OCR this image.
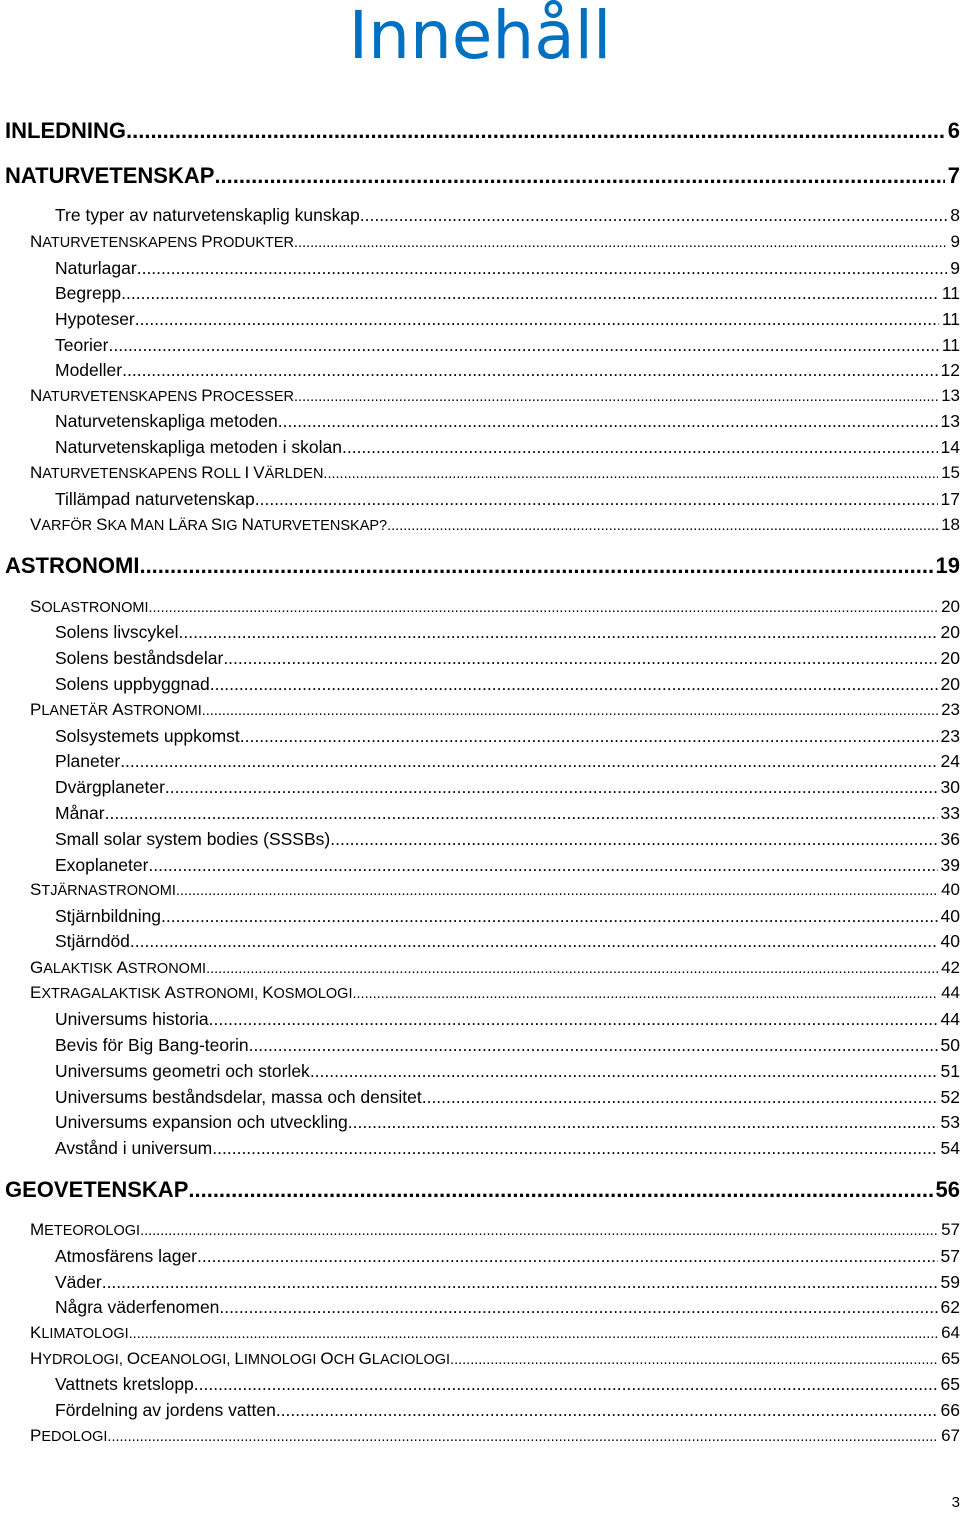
Innehåll
INLEDNING .....	6
NATURVETENSKAP .....	7
Tre typer av naturvetenskaplig kunskap .....	8
NATURVETENSKAPENS PRODUKTER .....	9
Naturlagar .....	9
Begrepp .....	11
Hypoteser .....	11
Teorier .....	11
Modeller .....	12
NATURVETENSKAPENS PROCESSER .....	13
Naturvetenskapliga metoden .....	13
Naturvetenskapliga metoden i skolan .....	14
NATURVETENSKAPENS ROLL I VÄRLDEN .....	15
Tillämpad naturvetenskap .....	17
VARFÖR SKA MAN LÄRA SIG NATURVETENSKAP? .....	18
ASTRONOMI .....	19
SOLASTRONOMI .....	20
Solens livscykel .....	20
Solens beståndsdelar .....	20
Solens uppbyggnad .....	20
PLANETÄR ASTRONOMI .....	23
Solsystemets uppkomst .....	23
Planeter .....	24
Dvärgplaneter .....	30
Månar .....	33
Small solar system bodies (SSSBs) .....	36
Exoplaneter .....	39
STJÄRNASTRONOMI .....	40
Stjärnbildning .....	40
Stjärndöd .....	40
GALAKTISK ASTRONOMI .....	42
EXTRAGALAKTISK ASTRONOMI, KOSMOLOGI .....	44
Universums historia .....	44
Bevis för Big Bang-teorin .....	50
Universums geometri och storlek .....	51
Universums beståndsdelar, massa och densitet .....	52
Universums expansion och utveckling .....	53
Avstånd i universum .....	54
GEOVETENSKAP .....	56
METEOROLOGI .....	57
Atmosfärens lager .....	57
Väder .....	59
Några väderfenomen .....	62
KLIMATOLOGI .....	64
HYDROLOGI, OCEANOLOGI, LIMNOLOGI OCH GLACIOLOGI .....	65
Vattnets kretslopp .....	65
Fördelning av jordens vatten .....	66
PEDOLOGI .....	67
3
